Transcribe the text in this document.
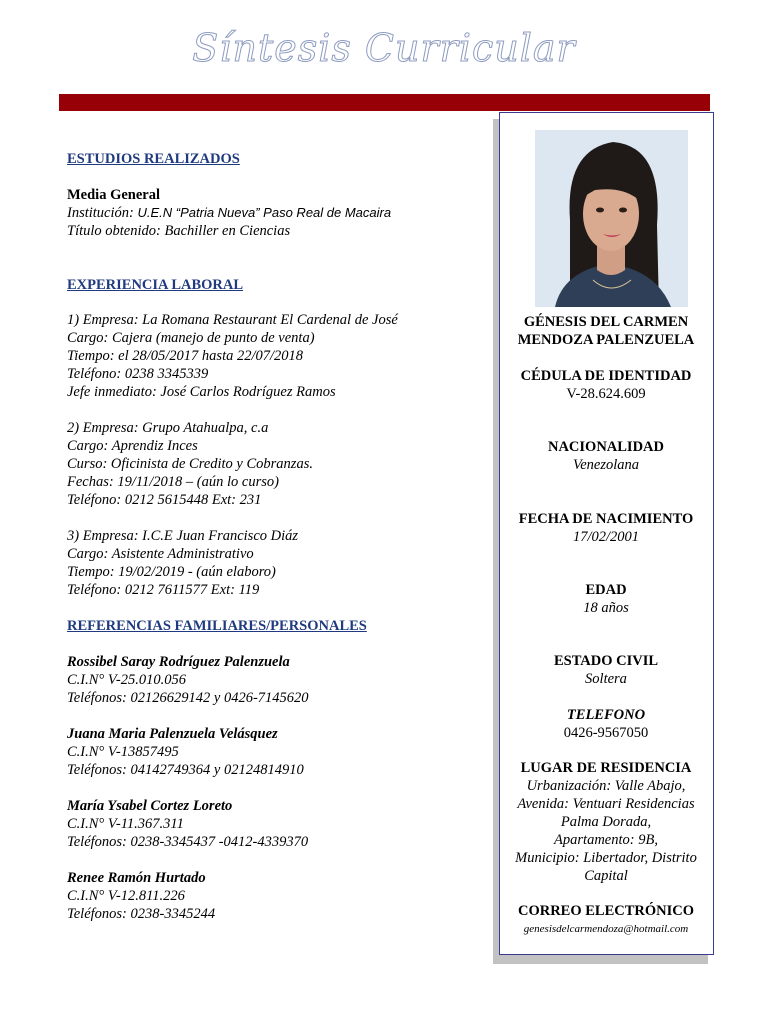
Síntesis Curricular

ESTUDIOS REALIZADOS

Media General
Institución: U.E.N “Patria Nueva” Paso Real de Macaira
Título obtenido: Bachiller en Ciencias

EXPERIENCIA LABORAL

1) Empresa: La Romana Restaurant El Cardenal de José
Cargo: Cajera (manejo de punto de venta)
Tiempo: el 28/05/2017 hasta 22/07/2018
Teléfono: 0238 3345339
Jefe inmediato: José Carlos Rodríguez Ramos
2) Empresa: Grupo Atahualpa, c.a
Cargo: Aprendiz Inces
Curso: Oficinista de Credito y Cobranzas.
Fechas: 19/11/2018 – (aún lo curso)
Teléfono: 0212 5615448 Ext: 231
3) Empresa: I.C.E Juan Francisco Diáz
Cargo: Asistente Administrativo
Tiempo: 19/02/2019 - (aún elaboro)
Teléfono: 0212 7611577 Ext: 119

REFERENCIAS FAMILIARES/PERSONALES

Rossibel Saray Rodríguez Palenzuela
C.I.N° V-25.010.056
Teléfonos: 02126629142 y 0426-7145620
Juana Maria Palenzuela Velásquez
C.I.N° V-13857495
Teléfonos: 04142749364 y 02124814910
María Ysabel Cortez Loreto
C.I.N° V-11.367.311
Teléfonos: 0238-3345437 -0412-4339370
Renee Ramón Hurtado
C.I.N° V-12.811.226
Teléfonos: 0238-3345244
GÉNESIS DEL CARMEN
MENDOZA PALENZUELA
CÉDULA DE IDENTIDAD
V-28.624.609
NACIONALIDAD
Venezolana
FECHA DE NACIMIENTO
17/02/2001
EDAD
18 años
ESTADO CIVIL
Soltera
TELEFONO
0426-9567050
LUGAR DE RESIDENCIA
Urbanización: Valle Abajo,
Avenida: Ventuari Residencias
Palma Dorada,
Apartamento: 9B,
Municipio: Libertador, Distrito
Capital
CORREO ELECTRÓNICO
genesisdelcarmendoza@hotmail.com
